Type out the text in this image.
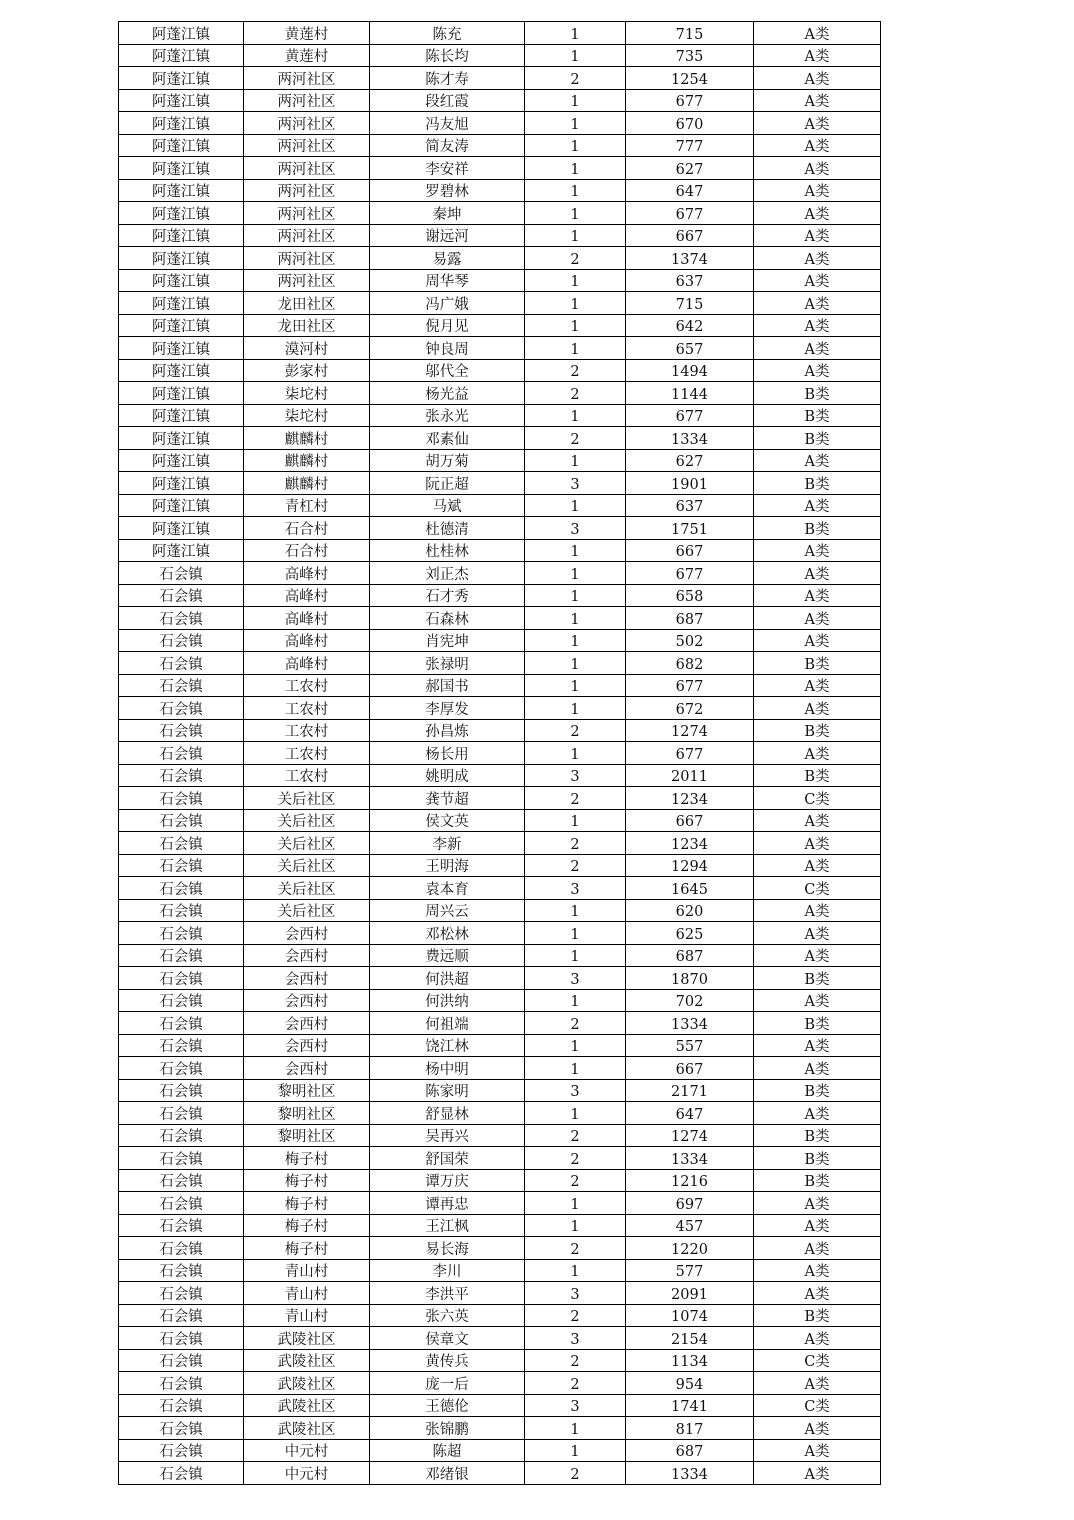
阿蓬江镇	黄莲村	陈充	1	715	A类
阿蓬江镇	黄莲村	陈长均	1	735	A类
阿蓬江镇	两河社区	陈才寿	2	1254	A类
阿蓬江镇	两河社区	段红霞	1	677	A类
阿蓬江镇	两河社区	冯友旭	1	670	A类
阿蓬江镇	两河社区	简友涛	1	777	A类
阿蓬江镇	两河社区	李安祥	1	627	A类
阿蓬江镇	两河社区	罗碧林	1	647	A类
阿蓬江镇	两河社区	秦坤	1	677	A类
阿蓬江镇	两河社区	谢远河	1	667	A类
阿蓬江镇	两河社区	易露	2	1374	A类
阿蓬江镇	两河社区	周华琴	1	637	A类
阿蓬江镇	龙田社区	冯广娥	1	715	A类
阿蓬江镇	龙田社区	倪月见	1	642	A类
阿蓬江镇	漠河村	钟良周	1	657	A类
阿蓬江镇	彭家村	邬代全	2	1494	A类
阿蓬江镇	柒坨村	杨光益	2	1144	B类
阿蓬江镇	柒坨村	张永光	1	677	B类
阿蓬江镇	麒麟村	邓素仙	2	1334	B类
阿蓬江镇	麒麟村	胡万菊	1	627	A类
阿蓬江镇	麒麟村	阮正超	3	1901	B类
阿蓬江镇	青杠村	马斌	1	637	A类
阿蓬江镇	石合村	杜德清	3	1751	B类
阿蓬江镇	石合村	杜桂林	1	667	A类
石会镇	高峰村	刘正杰	1	677	A类
石会镇	高峰村	石才秀	1	658	A类
石会镇	高峰村	石森林	1	687	A类
石会镇	高峰村	肖宪坤	1	502	A类
石会镇	高峰村	张禄明	1	682	B类
石会镇	工农村	郝国书	1	677	A类
石会镇	工农村	李厚发	1	672	A类
石会镇	工农村	孙昌炼	2	1274	B类
石会镇	工农村	杨长用	1	677	A类
石会镇	工农村	姚明成	3	2011	B类
石会镇	关后社区	龚节超	2	1234	C类
石会镇	关后社区	侯文英	1	667	A类
石会镇	关后社区	李新	2	1234	A类
石会镇	关后社区	王明海	2	1294	A类
石会镇	关后社区	袁本育	3	1645	C类
石会镇	关后社区	周兴云	1	620	A类
石会镇	会西村	邓松林	1	625	A类
石会镇	会西村	费远顺	1	687	A类
石会镇	会西村	何洪超	3	1870	B类
石会镇	会西村	何洪纳	1	702	A类
石会镇	会西村	何祖端	2	1334	B类
石会镇	会西村	饶江林	1	557	A类
石会镇	会西村	杨中明	1	667	A类
石会镇	黎明社区	陈家明	3	2171	B类
石会镇	黎明社区	舒显林	1	647	A类
石会镇	黎明社区	吴再兴	2	1274	B类
石会镇	梅子村	舒国荣	2	1334	B类
石会镇	梅子村	谭万庆	2	1216	B类
石会镇	梅子村	谭再忠	1	697	A类
石会镇	梅子村	王江枫	1	457	A类
石会镇	梅子村	易长海	2	1220	A类
石会镇	青山村	李川	1	577	A类
石会镇	青山村	李洪平	3	2091	A类
石会镇	青山村	张六英	2	1074	B类
石会镇	武陵社区	侯章文	3	2154	A类
石会镇	武陵社区	黄传兵	2	1134	C类
石会镇	武陵社区	庞一后	2	954	A类
石会镇	武陵社区	王德伦	3	1741	C类
石会镇	武陵社区	张锦鹏	1	817	A类
石会镇	中元村	陈超	1	687	A类
石会镇	中元村	邓绪银	2	1334	A类
